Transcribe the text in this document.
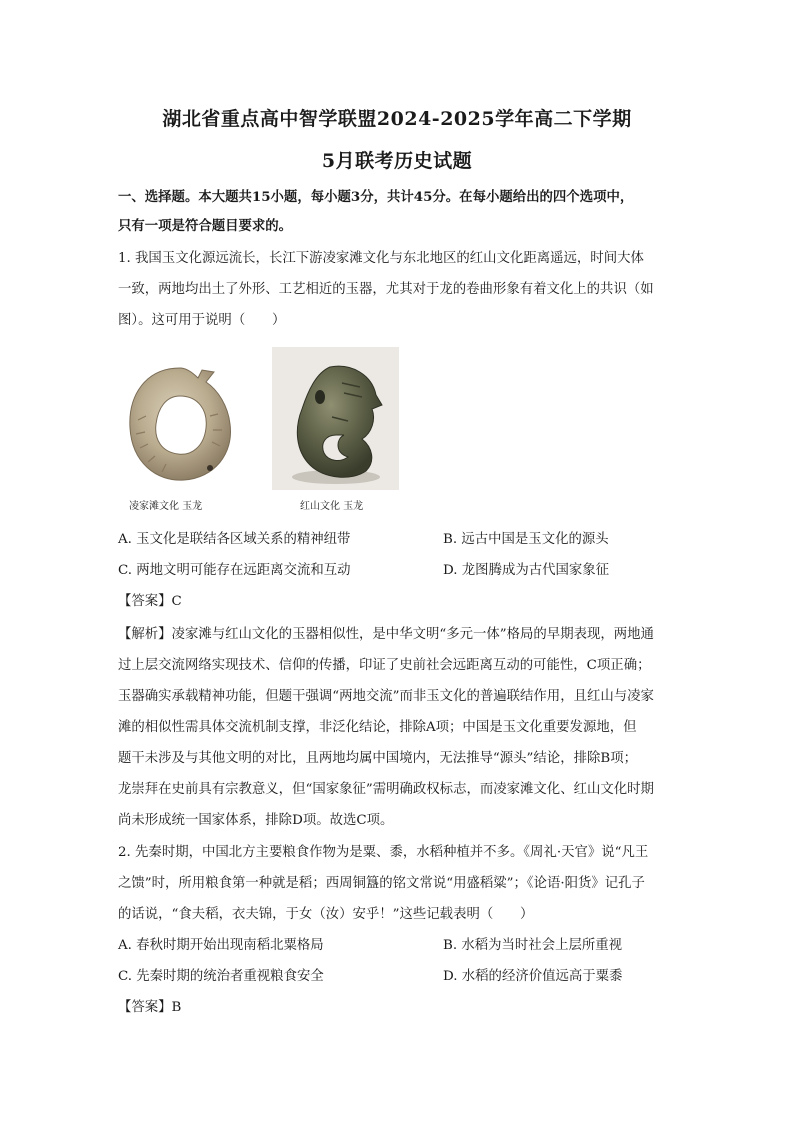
湖北省重点高中智学联盟2024-2025学年高二下学期
5月联考历史试题
一、选择题。本大题共15小题，每小题3分，共计45分。在每小题给出的四个选项中，
只有一项是符合题目要求的。
1. 我国玉文化源远流长，长江下游凌家滩文化与东北地区的红山文化距离遥远，时间大体
一致，两地均出土了外形、工艺相近的玉器，尤其对于龙的卷曲形象有着文化上的共识（如
图）。这可用于说明（　　）
凌家滩文化 玉龙	红山文化 玉龙
A. 玉文化是联结各区域关系的精神纽带	B. 远古中国是玉文化的源头
C. 两地文明可能存在远距离交流和互动	D. 龙图腾成为古代国家象征
【答案】C
【解析】凌家滩与红山文化的玉器相似性，是中华文明“多元一体”格局的早期表现，两地通
过上层交流网络实现技术、信仰的传播，印证了史前社会远距离互动的可能性，C项正确；
玉器确实承载精神功能，但题干强调“两地交流”而非玉文化的普遍联结作用，且红山与凌家
滩的相似性需具体交流机制支撑，非泛化结论，排除A项；中国是玉文化重要发源地，但
题干未涉及与其他文明的对比，且两地均属中国境内，无法推导“源头”结论，排除B项；
龙崇拜在史前具有宗教意义，但“国家象征”需明确政权标志，而凌家滩文化、红山文化时期
尚未形成统一国家体系，排除D项。故选C项。
2. 先秦时期，中国北方主要粮食作物为是粟、黍，水稻种植并不多。《周礼·天官》说“凡王
之馈”时，所用粮食第一种就是稻；西周铜簋的铭文常说“用盛稻粱”；《论语·阳货》记孔子
的话说，“食夫稻，衣夫锦，于女（汝）安乎！”这些记载表明（　　）
A. 春秋时期开始出现南稻北粟格局	B. 水稻为当时社会上层所重视
C. 先秦时期的统治者重视粮食安全	D. 水稻的经济价值远高于粟黍
【答案】B
